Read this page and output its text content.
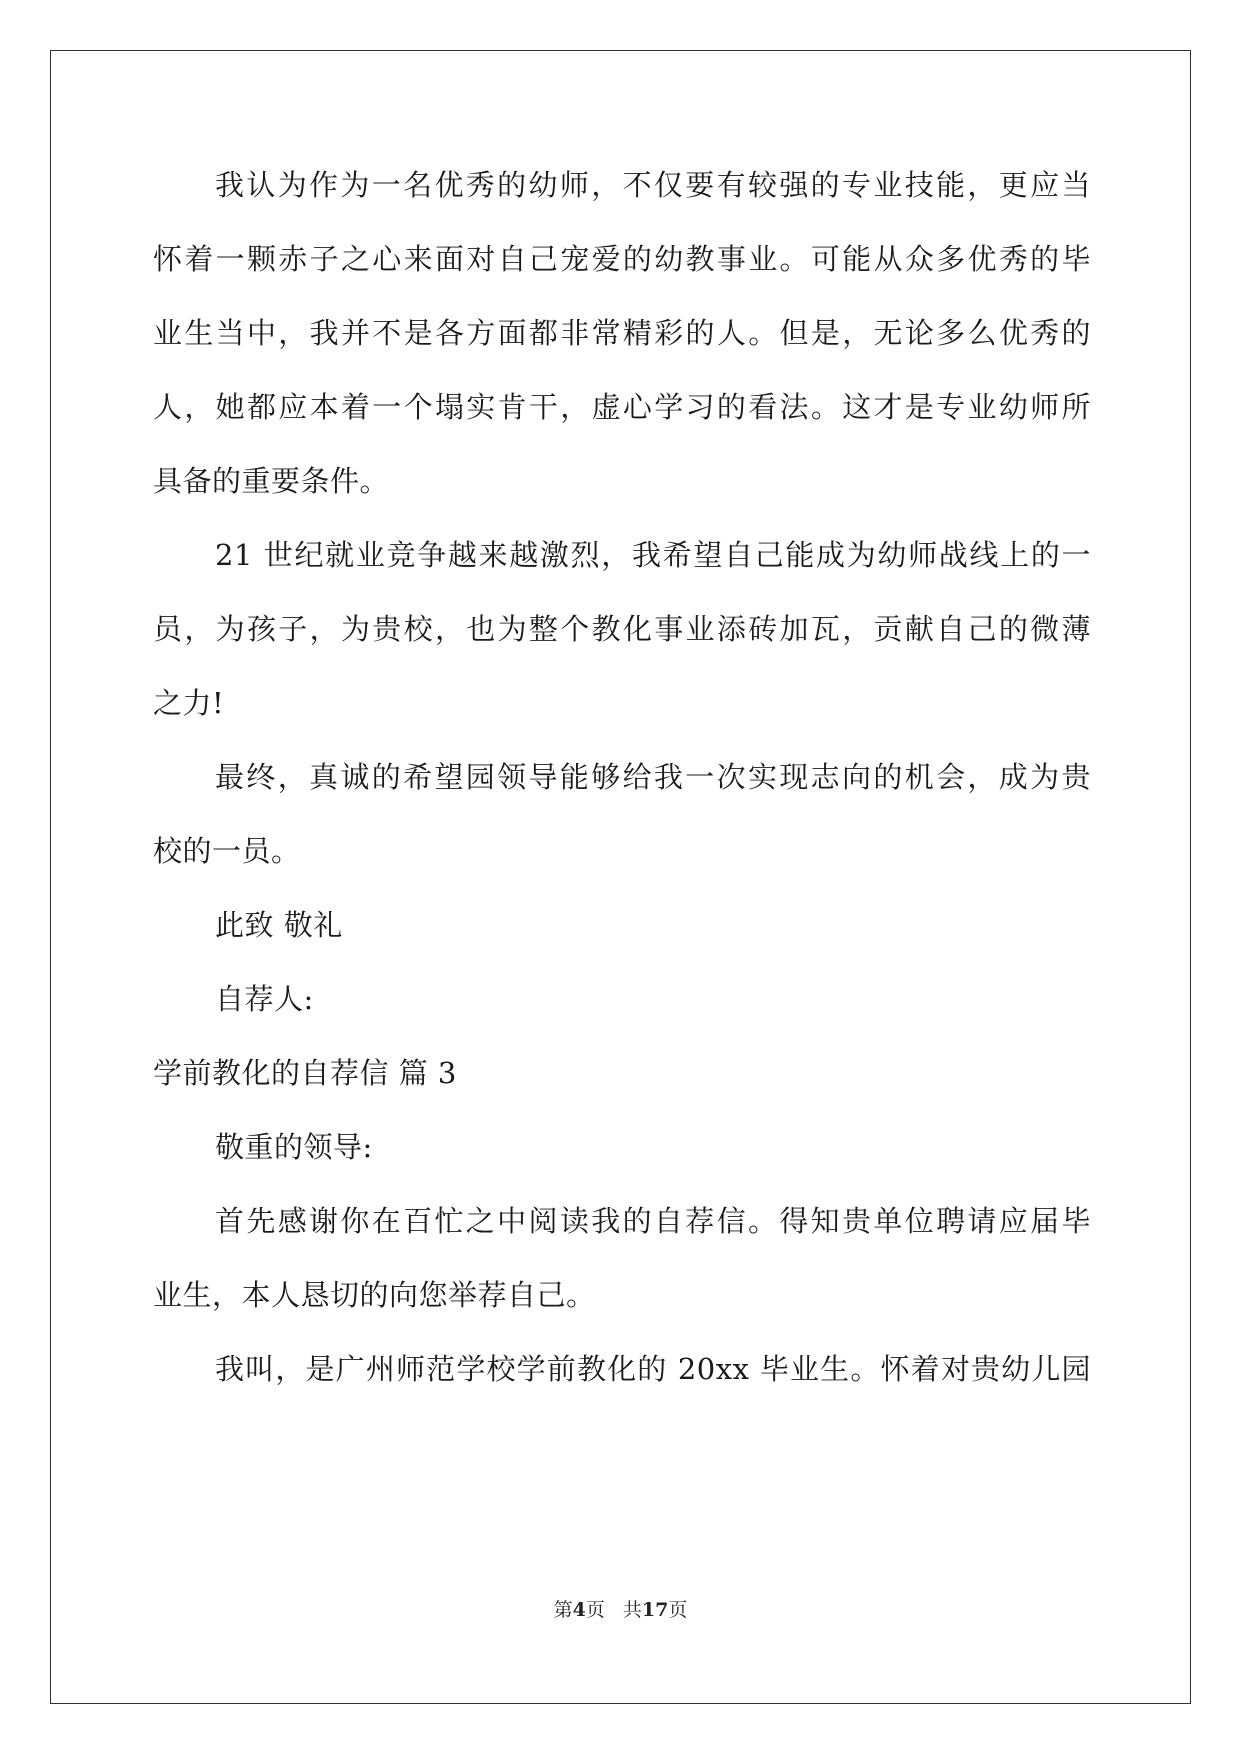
我认为作为一名优秀的幼师，不仅要有较强的专业技能，更应当
怀着一颗赤子之心来面对自己宠爱的幼教事业。可能从众多优秀的毕
业生当中，我并不是各方面都非常精彩的人。但是，无论多么优秀的
人，她都应本着一个塌实肯干，虚心学习的看法。这才是专业幼师所
具备的重要条件。
21 世纪就业竞争越来越激烈，我希望自己能成为幼师战线上的一
员，为孩子，为贵校，也为整个教化事业添砖加瓦，贡献自己的微薄
之力!
最终，真诚的希望园领导能够给我一次实现志向的机会，成为贵
校的一员。
此致 敬礼
自荐人:
学前教化的自荐信 篇 3
敬重的领导:
首先感谢你在百忙之中阅读我的自荐信。得知贵单位聘请应届毕
业生，本人恳切的向您举荐自己。
我叫，是广州师范学校学前教化的 20xx 毕业生。怀着对贵幼儿园
第4页 共17页
